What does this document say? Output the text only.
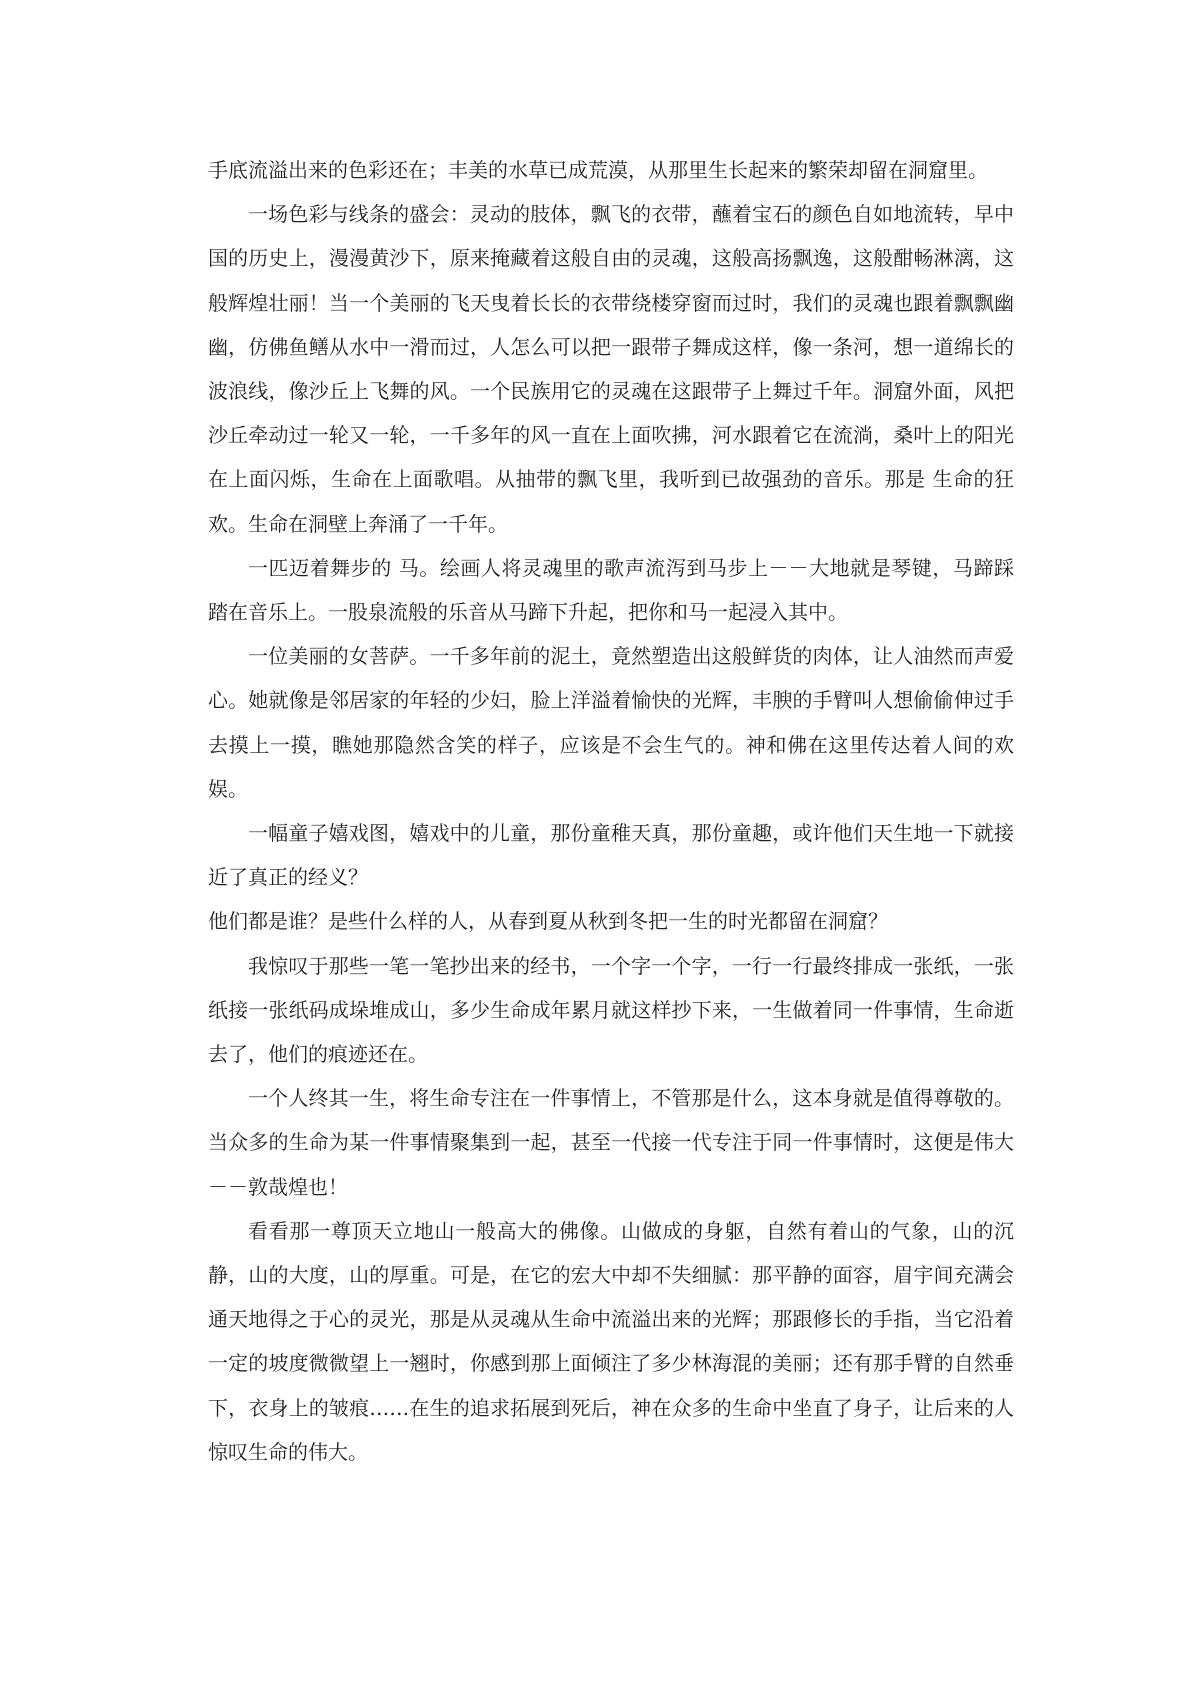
手底流溢出来的色彩还在；丰美的水草已成荒漠，从那里生长起来的繁荣却留在洞窟里。

一场色彩与线条的盛会：灵动的肢体，飘飞的衣带，蘸着宝石的颜色自如地流转，早中国的历史上，漫漫黄沙下，原来掩藏着这般自由的灵魂，这般高扬飘逸，这般酣畅淋漓，这般辉煌壮丽！当一个美丽的飞天曳着长长的衣带绕楼穿窗而过时，我们的灵魂也跟着飘飘幽幽，仿佛鱼鳝从水中一滑而过，人怎么可以把一跟带子舞成这样，像一条河，想一道绵长的波浪线，像沙丘上飞舞的风。一个民族用它的灵魂在这跟带子上舞过千年。洞窟外面，风把沙丘牵动过一轮又一轮，一千多年的风一直在上面吹拂，河水跟着它在流淌，桑叶上的阳光在上面闪烁，生命在上面歌唱。从抽带的飘飞里，我听到已故强劲的音乐。那是 生命的狂欢。生命在洞壁上奔涌了一千年。

一匹迈着舞步的 马。绘画人将灵魂里的歌声流泻到马步上－－大地就是琴键，马蹄踩踏在音乐上。一股泉流般的乐音从马蹄下升起，把你和马一起浸入其中。

一位美丽的女菩萨。一千多年前的泥土，竟然塑造出这般鲜货的肉体，让人油然而声爱心。她就像是邻居家的年轻的少妇，脸上洋溢着愉快的光辉，丰腴的手臂叫人想偷偷伸过手去摸上一摸，瞧她那隐然含笑的样子，应该是不会生气的。神和佛在这里传达着人间的欢娱。

一幅童子嬉戏图，嬉戏中的儿童，那份童稚天真，那份童趣，或许他们天生地一下就接近了真正的经义？

他们都是谁？是些什么样的人，从春到夏从秋到冬把一生的时光都留在洞窟？

我惊叹于那些一笔一笔抄出来的经书，一个字一个字，一行一行最终排成一张纸，一张纸接一张纸码成垛堆成山，多少生命成年累月就这样抄下来，一生做着同一件事情，生命逝去了，他们的痕迹还在。

一个人终其一生，将生命专注在一件事情上，不管那是什么，这本身就是值得尊敬的。当众多的生命为某一件事情聚集到一起，甚至一代接一代专注于同一件事情时，这便是伟大－－敦哉煌也！

看看那一尊顶天立地山一般高大的佛像。山做成的身躯，自然有着山的气象，山的沉静，山的大度，山的厚重。可是，在它的宏大中却不失细腻：那平静的面容，眉宇间充满会通天地得之于心的灵光，那是从灵魂从生命中流溢出来的光辉；那跟修长的手指，当它沿着一定的坡度微微望上一翘时，你感到那上面倾注了多少林海混的美丽；还有那手臂的自然垂下，衣身上的皱痕……在生的追求拓展到死后，神在众多的生命中坐直了身子，让后来的人惊叹生命的伟大。
